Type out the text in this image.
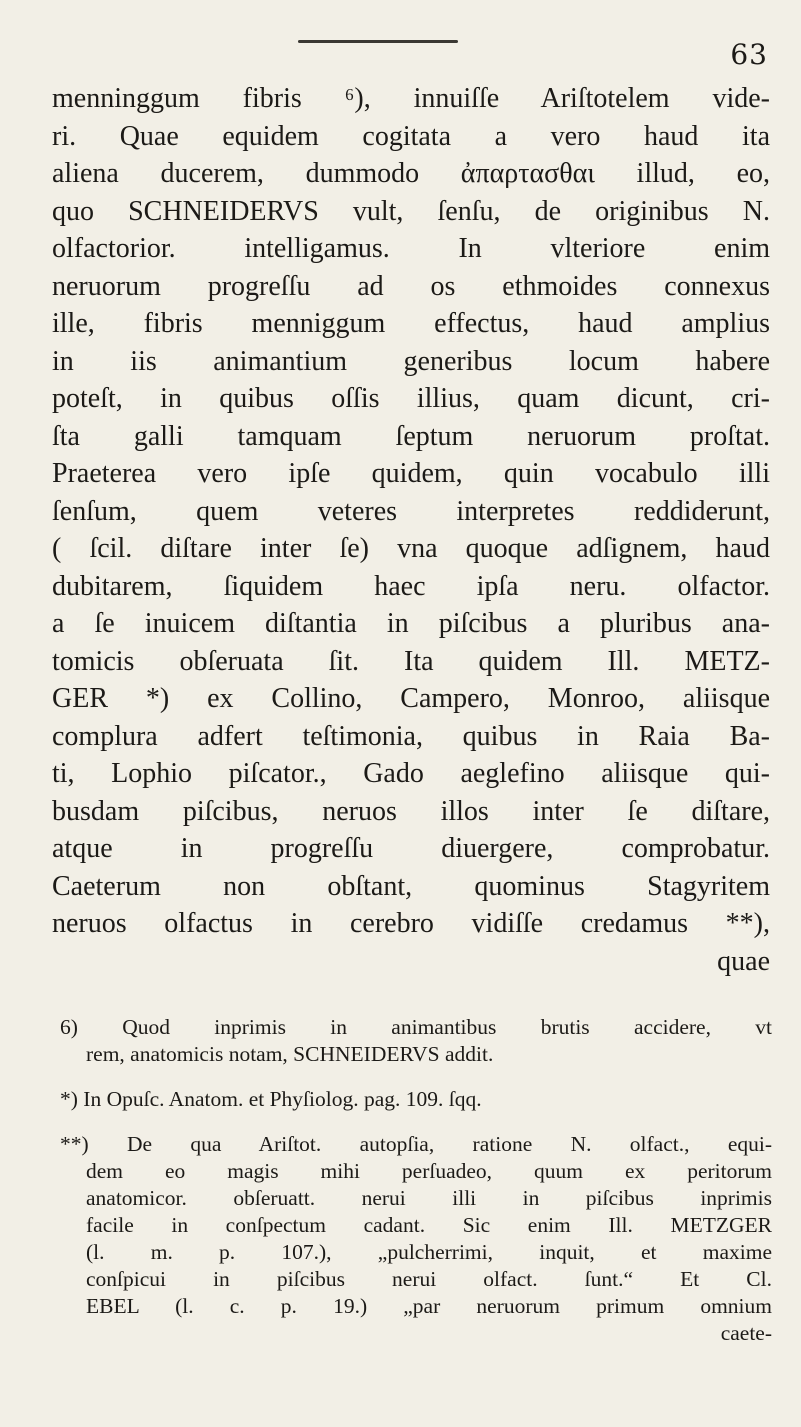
63
menninggum fibris ⁶), innuiſſe Ariſtotelem vide-
ri. Quae equidem cogitata a vero haud ita
aliena ducerem, dummodo ἀπαρτασθαι illud, eo,
quo SCHNEIDERVS vult, ſenſu, de originibus N.
olfactorior. intelligamus. In vlteriore enim
neruorum progreſſu ad os ethmoides connexus
ille, fibris menniggum effectus, haud amplius
in iis animantium generibus locum habere
poteſt, in quibus oſſis illius, quam dicunt, cri-
ſta galli tamquam ſeptum neruorum proſtat.
Praeterea vero ipſe quidem, quin vocabulo illi
ſenſum, quem veteres interpretes reddiderunt,
( ſcil. diſtare inter ſe) vna quoque adſignem, haud
dubitarem, ſiquidem haec ipſa neru. olfactor.
a ſe inuicem diſtantia in piſcibus a pluribus ana-
tomicis obſeruata ſit. Ita quidem Ill. METZ-
GER *) ex Collino, Campero, Monroo, aliisque
complura adfert teſtimonia, quibus in Raia Ba-
ti, Lophio piſcator., Gado aeglefino aliisque qui-
busdam piſcibus, neruos illos inter ſe diſtare,
atque in progreſſu diuergere, comprobatur.
Caeterum non obſtant, quominus Stagyritem
neruos olfactus in cerebro vidiſſe credamus **),
quae
6) Quod inprimis in animantibus brutis accidere, vt
rem, anatomicis notam, SCHNEIDERVS addit.
*) In Opuſc. Anatom. et Phyſiolog. pag. 109. ſqq.
**) De qua Ariſtot. autopſia, ratione N. olfact., equi-
dem eo magis mihi perſuadeo, quum ex peritorum
anatomicor. obſeruatt. nerui illi in piſcibus inprimis
facile in conſpectum cadant. Sic enim Ill. METZGER
(l. m. p. 107.), „pulcherrimi, inquit, et maxime
conſpicui in piſcibus nerui olfact. ſunt.“ Et Cl.
EBEL (l. c. p. 19.) „par neruorum primum omnium
caete-
